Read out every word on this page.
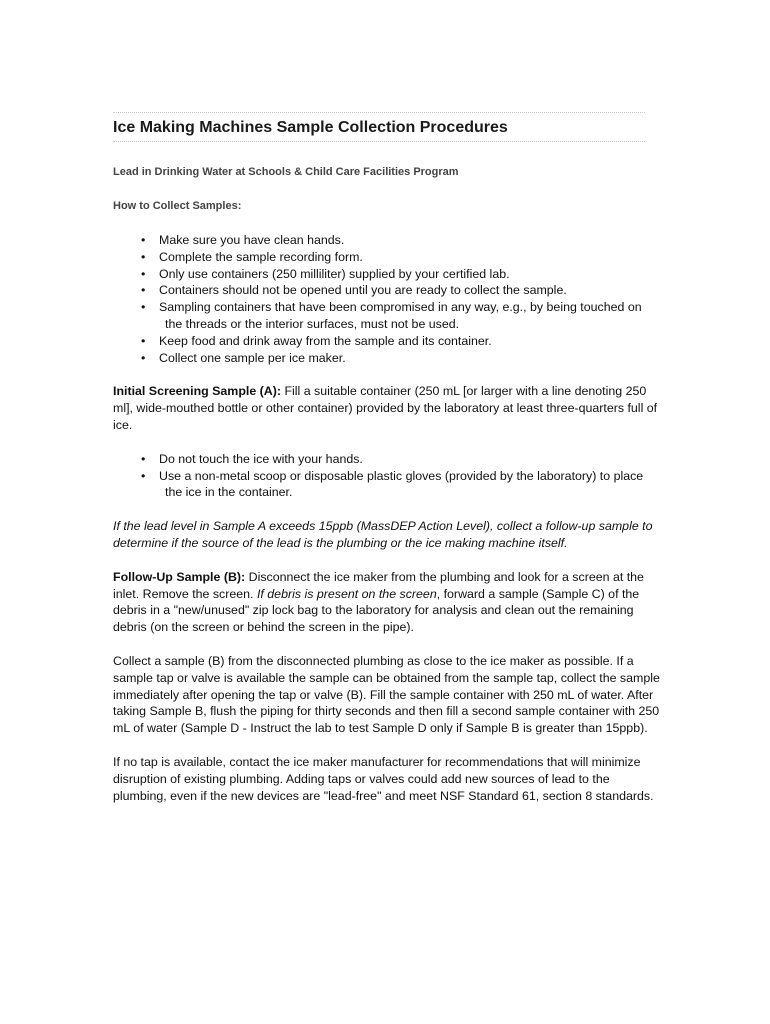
Ice Making Machines Sample Collection Procedures
Lead in Drinking Water at Schools & Child Care Facilities Program
How to Collect Samples:
• Make sure you have clean hands.
• Complete the sample recording form.
• Only use containers (250 milliliter) supplied by your certified lab.
• Containers should not be opened until you are ready to collect the sample.
• Sampling containers that have been compromised in any way, e.g., by being touched on
the threads or the interior surfaces, must not be used.
• Keep food and drink away from the sample and its container.
• Collect one sample per ice maker.

Initial Screening Sample (A): Fill a suitable container (250 mL [or larger with a line denoting 250 ml], wide-mouthed bottle or other container) provided by the laboratory at least three-quarters full of ice.

• Do not touch the ice with your hands.
• Use a non-metal scoop or disposable plastic gloves (provided by the laboratory) to place
the ice in the container.

If the lead level in Sample A exceeds 15ppb (MassDEP Action Level), collect a follow-up sample to determine if the source of the lead is the plumbing or the ice making machine itself.

Follow-Up Sample (B): Disconnect the ice maker from the plumbing and look for a screen at the inlet. Remove the screen. If debris is present on the screen, forward a sample (Sample C) of the debris in a "new/unused" zip lock bag to the laboratory for analysis and clean out the remaining debris (on the screen or behind the screen in the pipe).

Collect a sample (B) from the disconnected plumbing as close to the ice maker as possible. If a sample tap or valve is available the sample can be obtained from the sample tap, collect the sample immediately after opening the tap or valve (B). Fill the sample container with 250 mL of water. After taking Sample B, flush the piping for thirty seconds and then fill a second sample container with 250 mL of water (Sample D - Instruct the lab to test Sample D only if Sample B is greater than 15ppb).

If no tap is available, contact the ice maker manufacturer for recommendations that will minimize disruption of existing plumbing. Adding taps or valves could add new sources of lead to the plumbing, even if the new devices are "lead-free" and meet NSF Standard 61, section 8 standards.
